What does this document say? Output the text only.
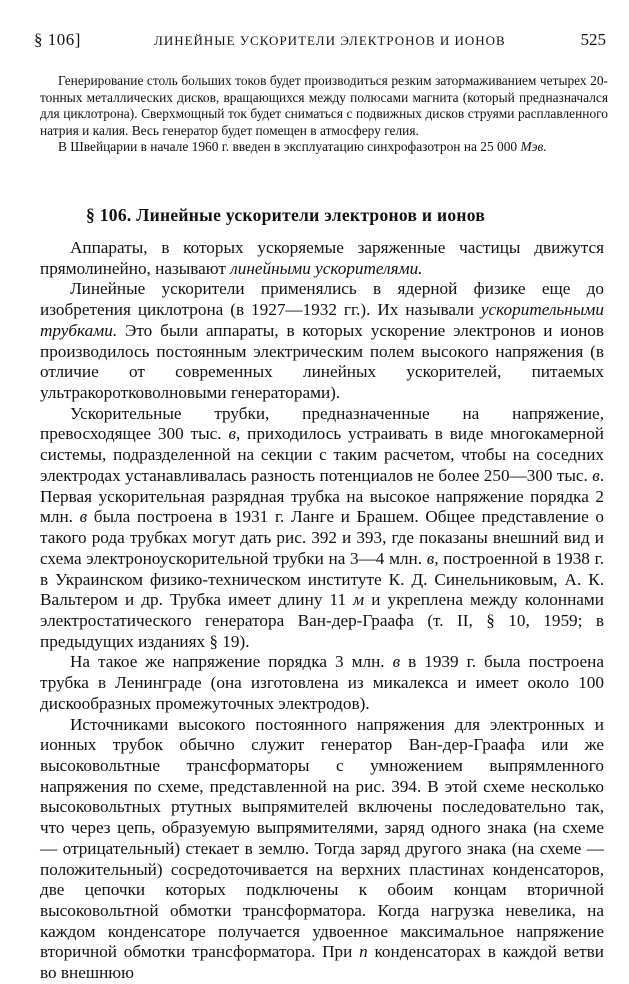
§ 106]	ЛИНЕЙНЫЕ УСКОРИТЕЛИ ЭЛЕКТРОНОВ И ИОНОВ	525

Генерирование столь больших токов будет производиться резким затормаживанием четырех 20-тонных металлических дисков, вращающихся между полюсами магнита (который предназначался для циклотрона). Сверхмощный ток будет сниматься с подвижных дисков струями расплавленного натрия и калия. Весь генератор будет помещен в атмосферу гелия.

В Швейцарии в начале 1960 г. введен в эксплуатацию синхрофазотрон на 25 000 Мэв.

§ 106. Линейные ускорители электронов и ионов

Аппараты, в которых ускоряемые заряженные частицы движутся прямолинейно, называют линейными ускорителями.

Линейные ускорители применялись в ядерной физике еще до изобретения циклотрона (в 1927—1932 гг.). Их называли ускорительными трубками. Это были аппараты, в которых ускорение электронов и ионов производилось постоянным электрическим полем высокого напряжения (в отличие от современных линейных ускорителей, питаемых ультракоротковолновыми генераторами).

Ускорительные трубки, предназначенные на напряжение, превосходящее 300 тыс. в, приходилось устраивать в виде многокамерной системы, подразделенной на секции с таким расчетом, чтобы на соседних электродах устанавливалась разность потенциалов не более 250—300 тыс. в. Первая ускорительная разрядная трубка на высокое напряжение порядка 2 млн. в была построена в 1931 г. Ланге и Брашем. Общее представление о такого рода трубках могут дать рис. 392 и 393, где показаны внешний вид и схема электроноускорительной трубки на 3—4 млн. в, построенной в 1938 г. в Украинском физико-техническом институте К. Д. Синельниковым, А. К. Вальтером и др. Трубка имеет длину 11 м и укреплена между колоннами электростатического генератора Ван-дер-Граафа (т. II, § 10, 1959; в предыдущих изданиях § 19).

На такое же напряжение порядка 3 млн. в в 1939 г. была построена трубка в Ленинграде (она изготовлена из микалекса и имеет около 100 дискообразных промежуточных электродов).

Источниками высокого постоянного напряжения для электронных и ионных трубок обычно служит генератор Ван-дер-Граафа или же высоковольтные трансформаторы с умножением выпрямленного напряжения по схеме, представленной на рис. 394. В этой схеме несколько высоковольтных ртутных выпрямителей включены последовательно так, что через цепь, образуемую выпрямителями, заряд одного знака (на схеме — отрицательный) стекает в землю. Тогда заряд другого знака (на схеме — положительный) сосредоточивается на верхних пластинах конденсаторов, две цепочки которых подключены к обоим концам вторичной высоковольтной обмотки трансформатора. Когда нагрузка невелика, на каждом конденсаторе получается удвоенное максимальное напряжение вторичной обмотки трансформатора. При n конденсаторах в каждой ветви во внешнюю
